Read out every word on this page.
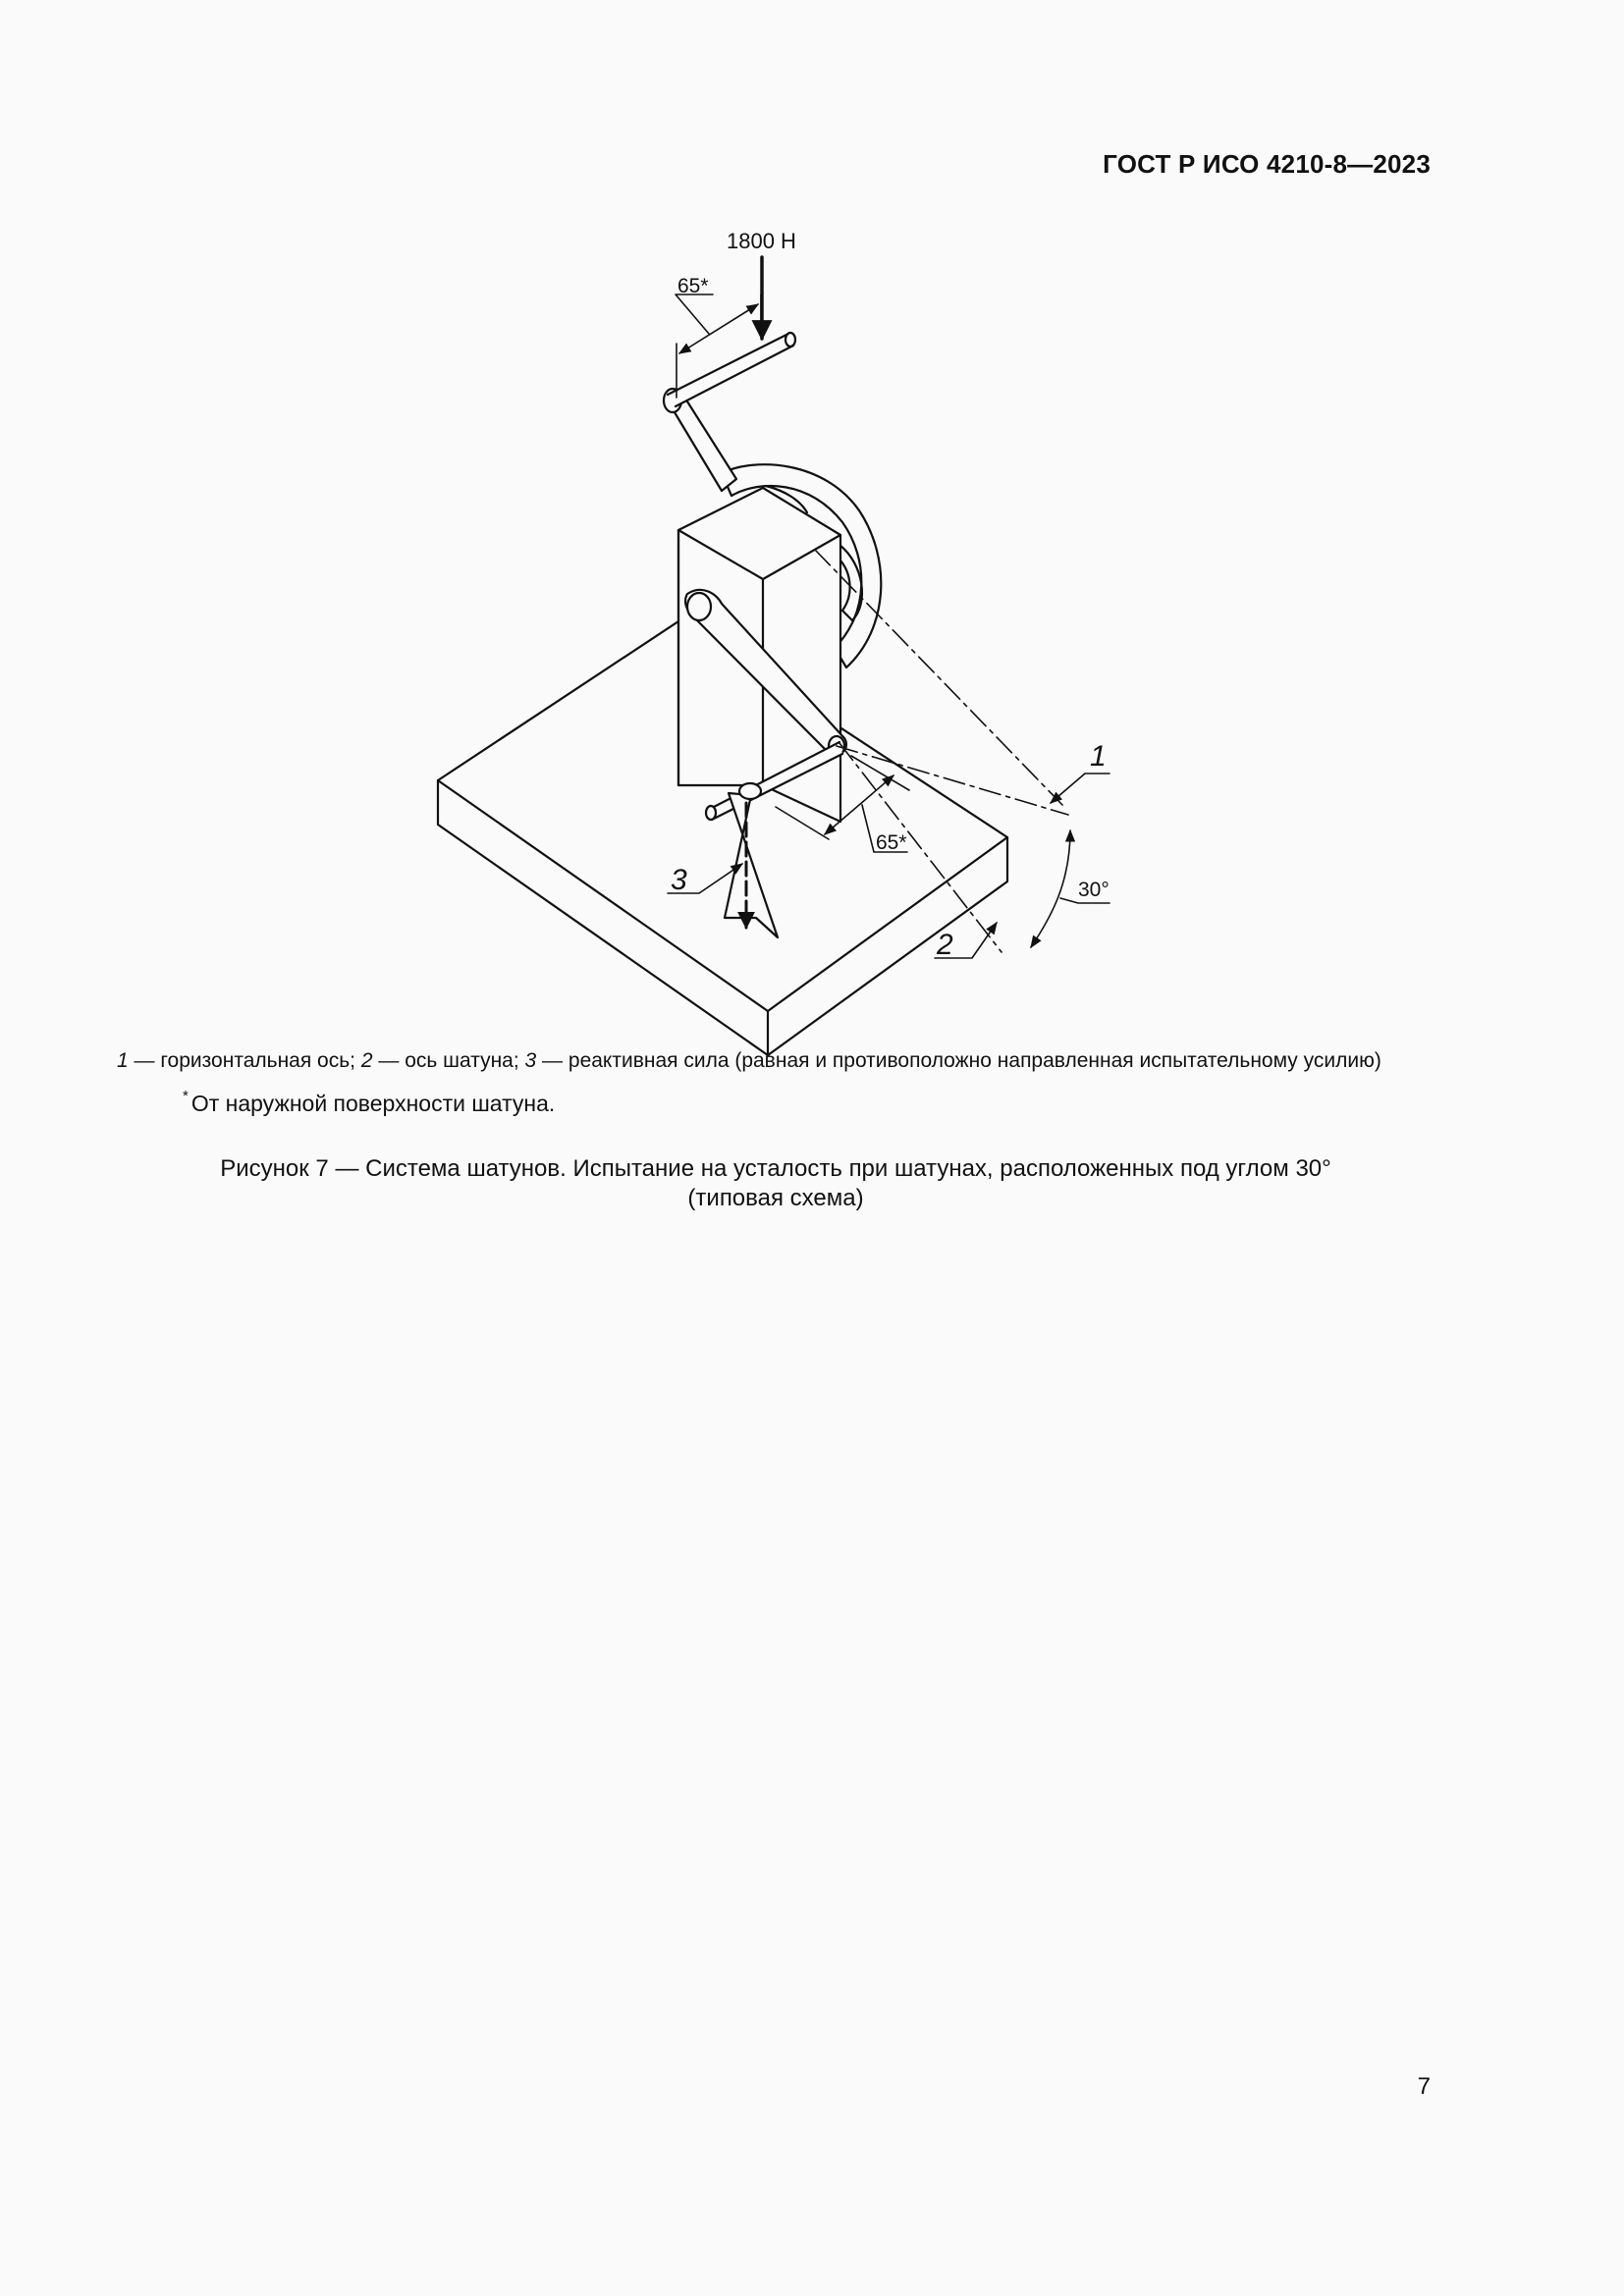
ГОСТ Р ИСО 4210-8—2023
1800 Н
65*
65*
30°
1
2
3
1 — горизонтальная ось; 2 — ось шатуна; 3 — реактивная сила (равная и противоположно направленная испытательному усилию)
* От наружной поверхности шатуна.
Рисунок 7 — Система шатунов. Испытание на усталость при шатунах, расположенных под углом 30°
(типовая схема)
7
